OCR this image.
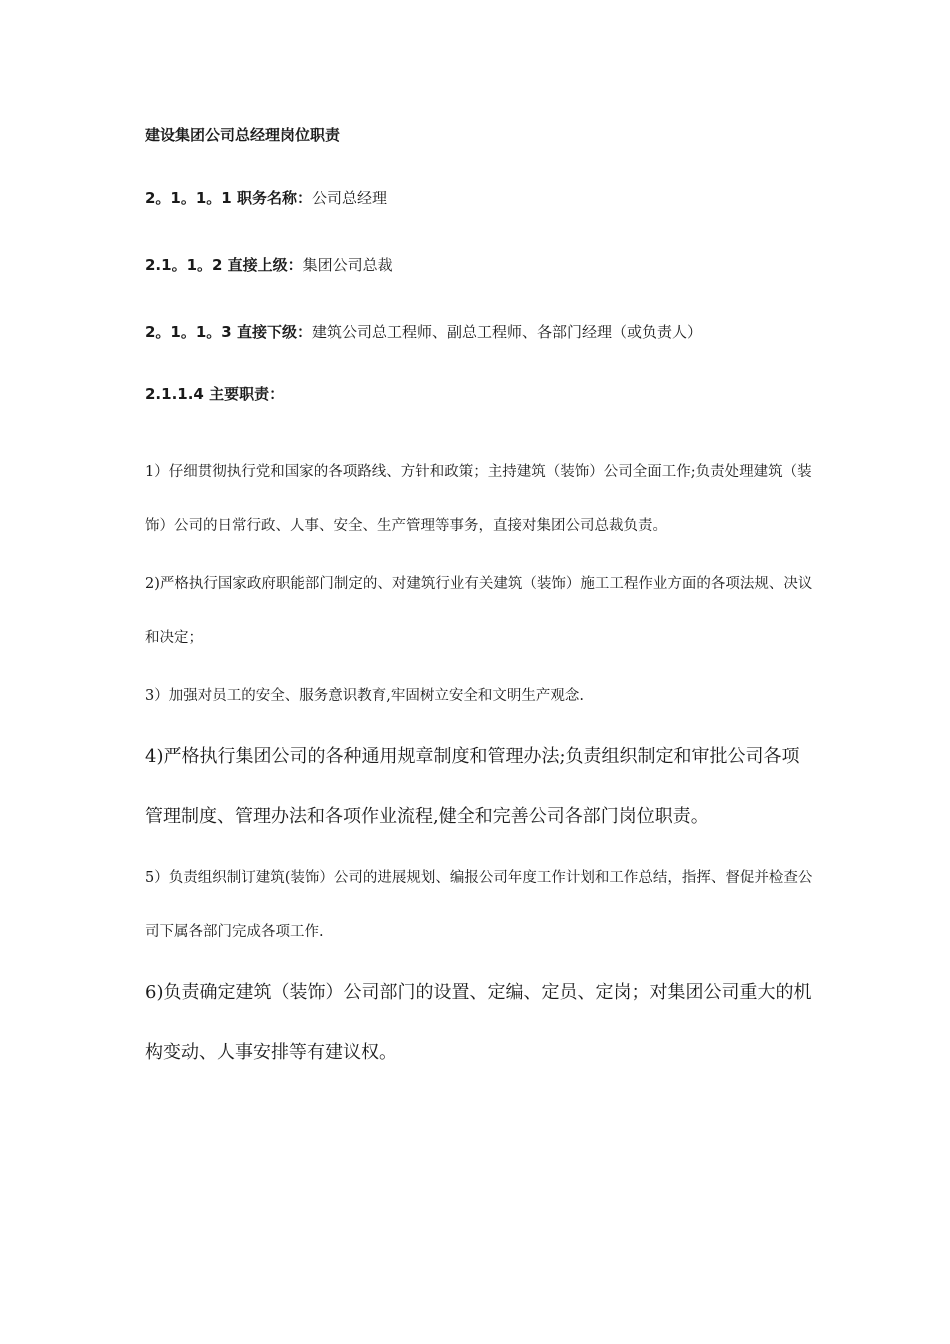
建设集团公司总经理岗位职责
2。1。1。1 职务名称：公司总经理
2.1。1。2 直接上级：集团公司总裁
2。1。1。3 直接下级：建筑公司总工程师、副总工程师、各部门经理（或负责人）
2.1.1.4 主要职责：

1）仔细贯彻执行党和国家的各项路线、方针和政策；主持建筑（装饰）公司全面工作;负责处理建筑（装饰）公司的日常行政、人事、安全、生产管理等事务，直接对集团公司总裁负责。

2)严格执行国家政府职能部门制定的、对建筑行业有关建筑（装饰）施工工程作业方面的各项法规、决议和决定；

3）加强对员工的安全、服务意识教育,牢固树立安全和文明生产观念.

4)严格执行集团公司的各种通用规章制度和管理办法;负责组织制定和审批公司各项管理制度、管理办法和各项作业流程,健全和完善公司各部门岗位职责。

5）负责组织制订建筑(装饰）公司的进展规划、编报公司年度工作计划和工作总结，指挥、督促并检查公司下属各部门完成各项工作.

6)负责确定建筑（装饰）公司部门的设置、定编、定员、定岗；对集团公司重大的机构变动、人事安排等有建议权。
